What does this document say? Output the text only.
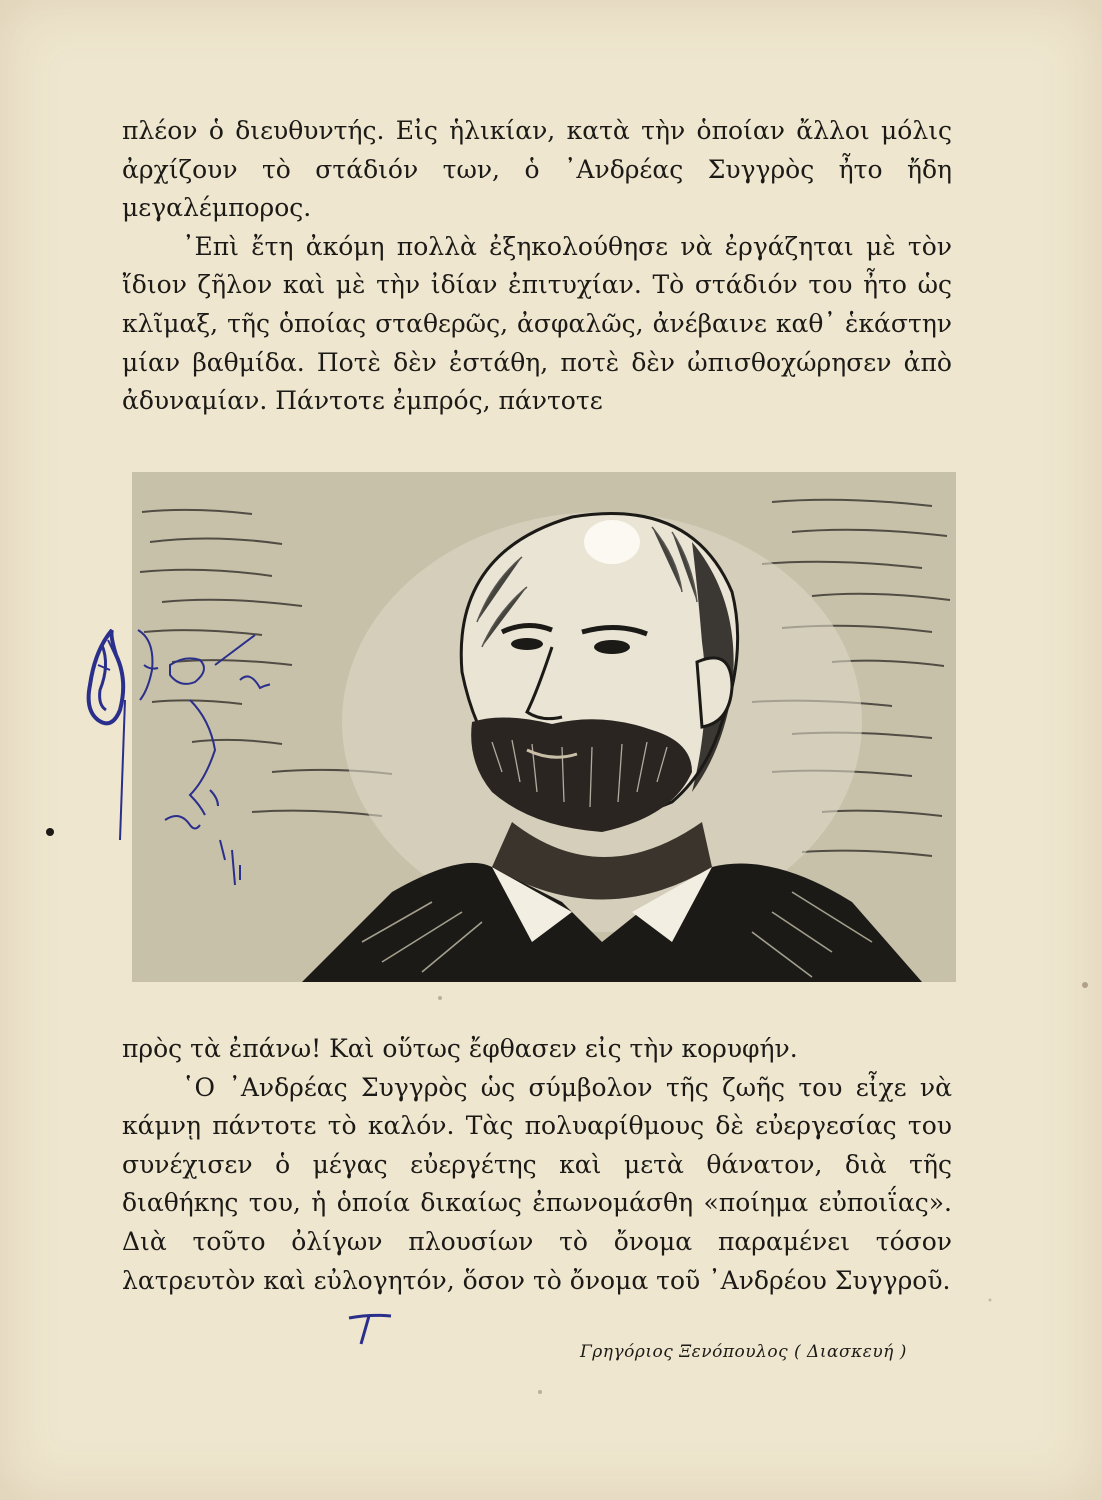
πλέον ὁ διευθυντής. Εἰς ἡλικίαν, κατὰ τὴν ὁποίαν ἄλλοι μόλις ἀρχίζουν τὸ στάδιόν των, ὁ ᾿Ανδρέας Συγγρὸς ἦτο ἤδη μεγαλέμπορος.

᾿Επὶ ἔτη ἀκόμη πολλὰ ἐξηκολούθησε νὰ ἐργάζηται μὲ τὸν ἴδιον ζῆλον καὶ μὲ τὴν ἰδίαν ἐπιτυχίαν. Τὸ στάδιόν του ἦτο ὡς κλῖμαξ, τῆς ὁποίας σταθερῶς, ἀσφαλῶς, ἀνέβαινε καθ᾿ ἑκάστην μίαν βαθμίδα. Ποτὲ δὲν ἐστάθη, ποτὲ δὲν ὠπισθοχώρησεν ἀπὸ ἀδυναμίαν. Πάντοτε ἐμπρός, πάντοτε

πρὸς τὰ ἐπάνω! Καὶ οὕτως ἔφθασεν εἰς τὴν κορυφήν.

῾Ο ᾿Ανδρέας Συγγρὸς ὡς σύμβολον τῆς ζωῆς του εἶχε νὰ κάμνῃ πάντοτε τὸ καλόν. Τὰς πολυαρίθμους δὲ εὐεργεσίας του συνέχισεν ὁ μέγας εὐεργέτης καὶ μετὰ θάνατον, διὰ τῆς διαθήκης του, ἡ ὁποία δικαίως ἐπωνομάσθη «ποίημα εὐποιΐας». Διὰ τοῦτο ὀλίγων πλουσίων τὸ ὄνομα παραμένει τόσον λατρευτὸν καὶ εὐλογητόν, ὅσον τὸ ὄνομα τοῦ ᾿Ανδρέου Συγγροῦ.

Γρηγόριος Ξενόπουλος ( Διασκευή )
